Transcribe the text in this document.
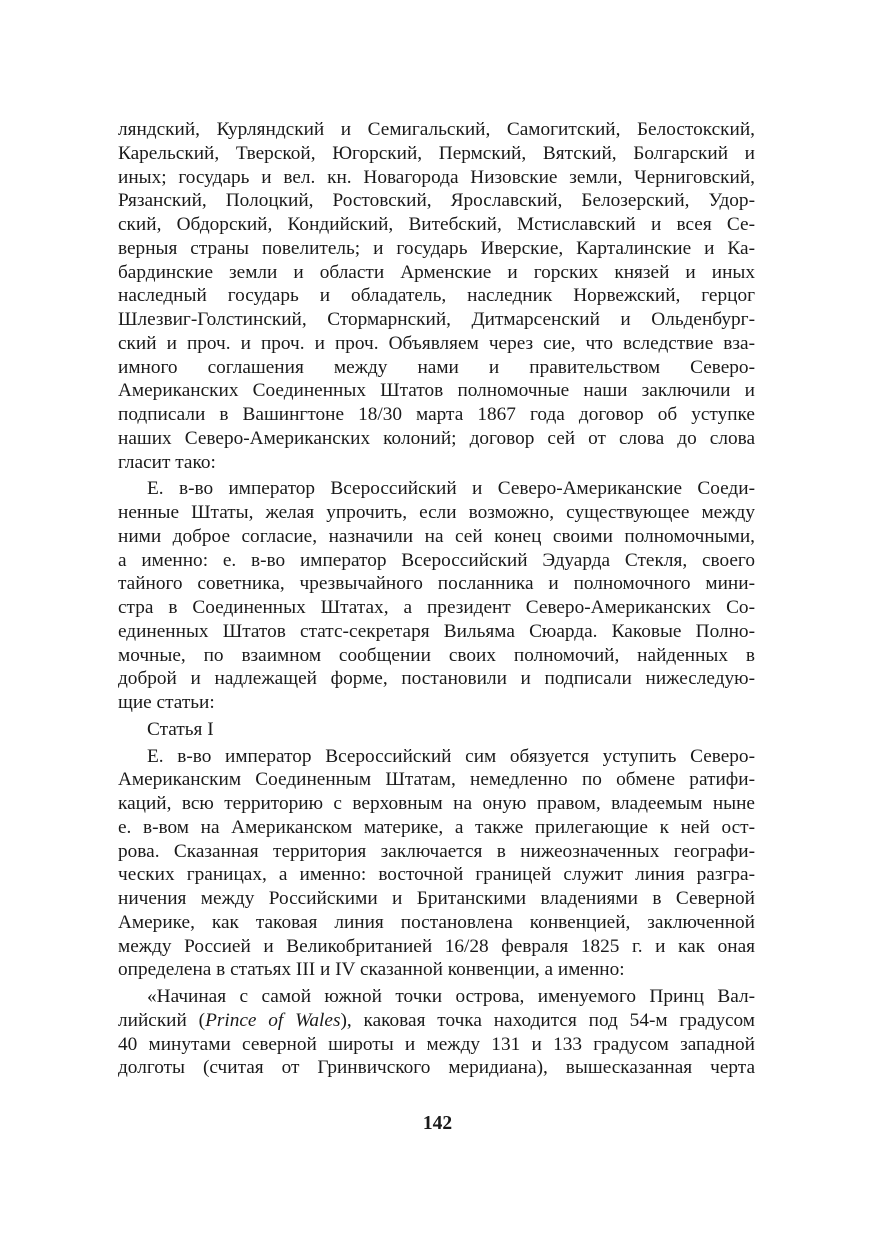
ляндский, Курляндский и Семигальский, Самогитский, Белостокский,
Карельский, Тверской, Югорский, Пермский, Вятский, Болгарский и
иных; государь и вел. кн. Новагорода Низовские земли, Черниговский,
Рязанский, Полоцкий, Ростовский, Ярославский, Белозерский, Удор-
ский, Обдорский, Кондийский, Витебский, Мстиславский и всея Се-
верныя страны повелитель; и государь Иверские, Карталинские и Ка-
бардинские земли и области Арменские и горских князей и иных
наследный государь и обладатель, наследник Норвежский, герцог
Шлезвиг-Голстинский, Стормарнский, Дитмарсенский и Ольденбург-
ский и проч. и проч. и проч. Объявляем через сие, что вследствие вза-
имного соглашения между нами и правительством Северо-
Американских Соединенных Штатов полномочные наши заключили и
подписали в Вашингтоне 18/30 марта 1867 года договор об уступке
наших Северо-Американских колоний; договор сей от слова до слова
гласит тако:
Е. в-во император Всероссийский и Северо-Американские Соеди-
ненные Штаты, желая упрочить, если возможно, существующее между
ними доброе согласие, назначили на сей конец своими полномочными,
а именно: е. в-во император Всероссийский Эдуарда Стекля, своего
тайного советника, чрезвычайного посланника и полномочного мини-
стра в Соединенных Штатах, а президент Северо-Американских Со-
единенных Штатов статс-секретаря Вильяма Сюарда. Каковые Полно-
мочные, по взаимном сообщении своих полномочий, найденных в
доброй и надлежащей форме, постановили и подписали нижеследую-
щие статьи:
Статья I
Е. в-во император Всероссийский сим обязуется уступить Северо-
Американским Соединенным Штатам, немедленно по обмене ратифи-
каций, всю территорию с верховным на оную правом, владеемым ныне
е. в-вом на Американском материке, а также прилегающие к ней ост-
рова. Сказанная территория заключается в нижеозначенных географи-
ческих границах, а именно: восточной границей служит линия разгра-
ничения между Российскими и Британскими владениями в Северной
Америке, как таковая линия постановлена конвенцией, заключенной
между Россией и Великобританией 16/28 февраля 1825 г. и как оная
определена в статьях III и IV сказанной конвенции, а именно:
«Начиная с самой южной точки острова, именуемого Принц Вал-
лийский (Prince of Wales), каковая точка находится под 54-м градусом
40 минутами северной широты и между 131 и 133 градусом западной
долготы (считая от Гринвичского меридиана), вышесказанная черта
142
